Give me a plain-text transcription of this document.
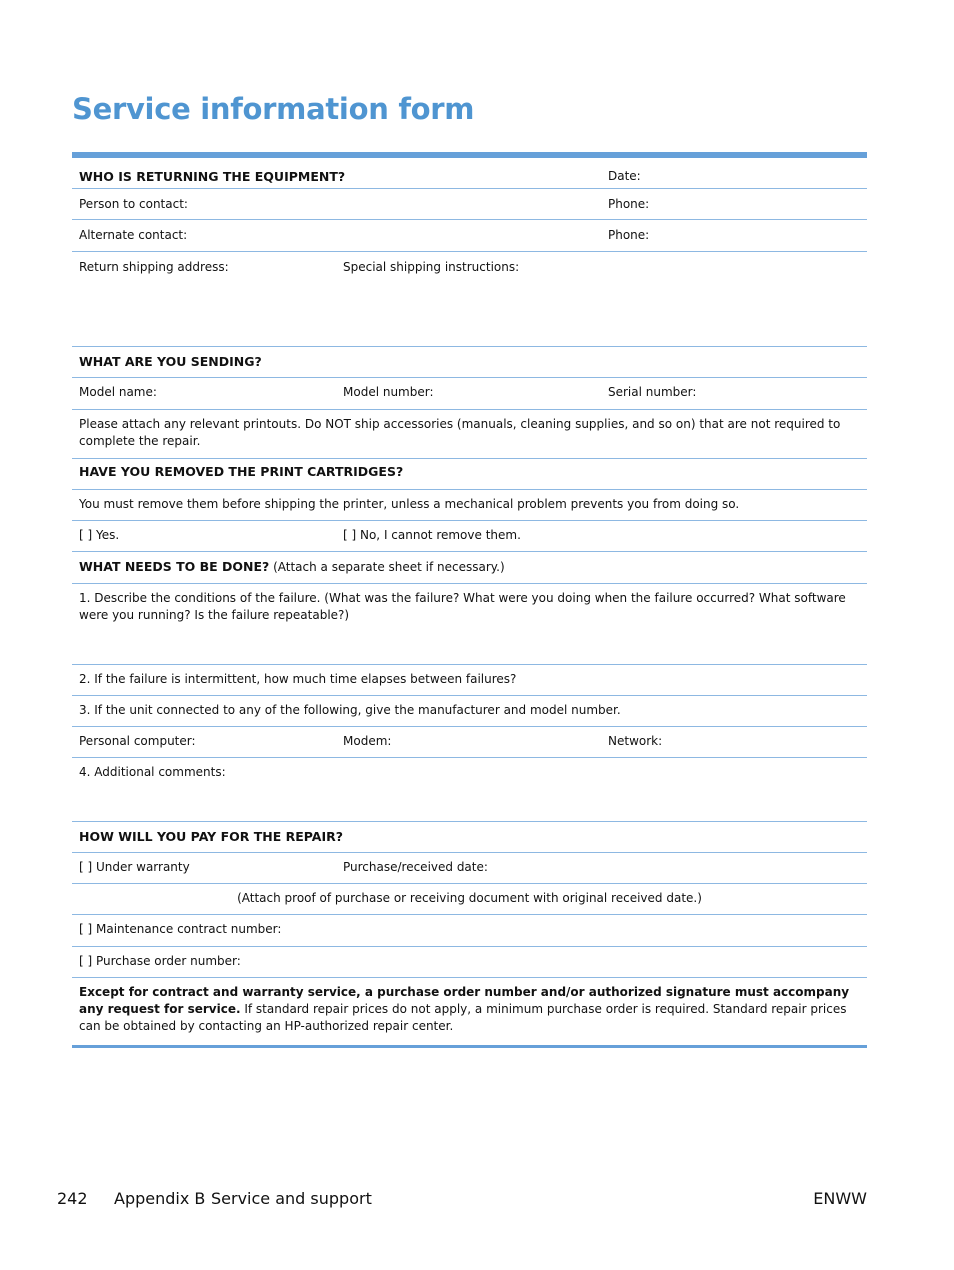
Service information form
WHO IS RETURNING THE EQUIPMENT?	Date:
Person to contact:	Phone:
Alternate contact:	Phone:
Return shipping address:	Special shipping instructions:
WHAT ARE YOU SENDING?
Model name:	Model number:	Serial number:
Please attach any relevant printouts. Do NOT ship accessories (manuals, cleaning supplies, and so on) that are not required to complete the repair.
HAVE YOU REMOVED THE PRINT CARTRIDGES?
You must remove them before shipping the printer, unless a mechanical problem prevents you from doing so.
[ ] Yes.	[ ] No, I cannot remove them.
WHAT NEEDS TO BE DONE? (Attach a separate sheet if necessary.)
1. Describe the conditions of the failure. (What was the failure? What were you doing when the failure occurred? What software were you running? Is the failure repeatable?)
2. If the failure is intermittent, how much time elapses between failures?
3. If the unit connected to any of the following, give the manufacturer and model number.
Personal computer:	Modem:	Network:
4. Additional comments:
HOW WILL YOU PAY FOR THE REPAIR?
[ ] Under warranty	Purchase/received date:
(Attach proof of purchase or receiving document with original received date.)
[ ] Maintenance contract number:
[ ] Purchase order number:
Except for contract and warranty service, a purchase order number and/or authorized signature must accompany any request for service. If standard repair prices do not apply, a minimum purchase order is required. Standard repair prices can be obtained by contacting an HP-authorized repair center.
242 Appendix B Service and support	ENWW
